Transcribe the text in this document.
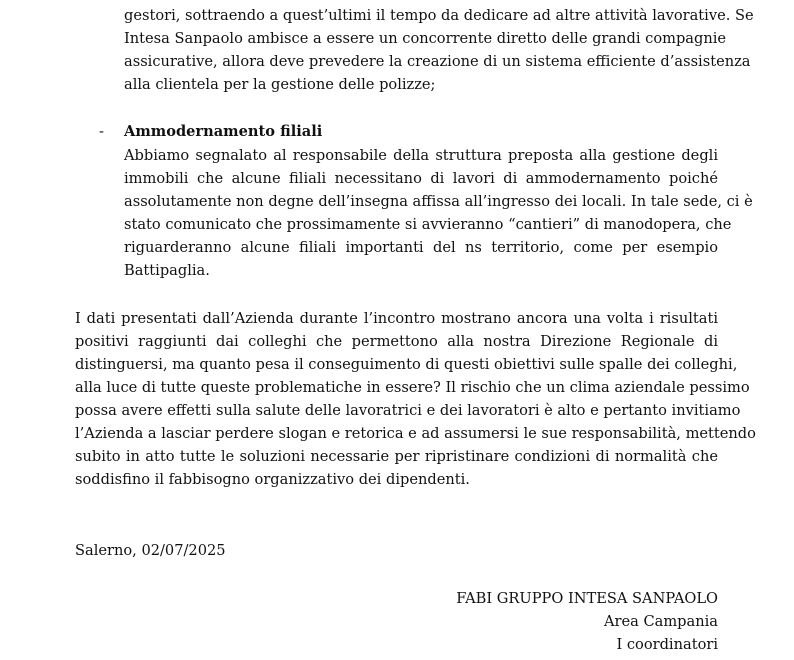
gestori, sottraendo a quest’ultimi il tempo da dedicare ad altre attività lavorative. Se
Intesa Sanpaolo ambisce a essere un concorrente diretto delle grandi compagnie
assicurative, allora deve prevedere la creazione di un sistema efficiente d’assistenza
alla clientela per la gestione delle polizze;
- Ammodernamento filiali
Abbiamo segnalato al responsabile della struttura preposta alla gestione degli
immobili che alcune filiali necessitano di lavori di ammodernamento poiché
assolutamente non degne dell’insegna affissa all’ingresso dei locali. In tale sede, ci è
stato comunicato che prossimamente si avvieranno “cantieri” di manodopera, che
riguarderanno alcune filiali importanti del ns territorio, come per esempio
Battipaglia.
I dati presentati dall’Azienda durante l’incontro mostrano ancora una volta i risultati
positivi raggiunti dai colleghi che permettono alla nostra Direzione Regionale di
distinguersi, ma quanto pesa il conseguimento di questi obiettivi sulle spalle dei colleghi,
alla luce di tutte queste problematiche in essere? Il rischio che un clima aziendale pessimo
possa avere effetti sulla salute delle lavoratrici e dei lavoratori è alto e pertanto invitiamo
l’Azienda a lasciar perdere slogan e retorica e ad assumersi le sue responsabilità, mettendo
subito in atto tutte le soluzioni necessarie per ripristinare condizioni di normalità che
soddisfino il fabbisogno organizzativo dei dipendenti.
Salerno, 02/07/2025
FABI GRUPPO INTESA SANPAOLO
Area Campania
I coordinatori
